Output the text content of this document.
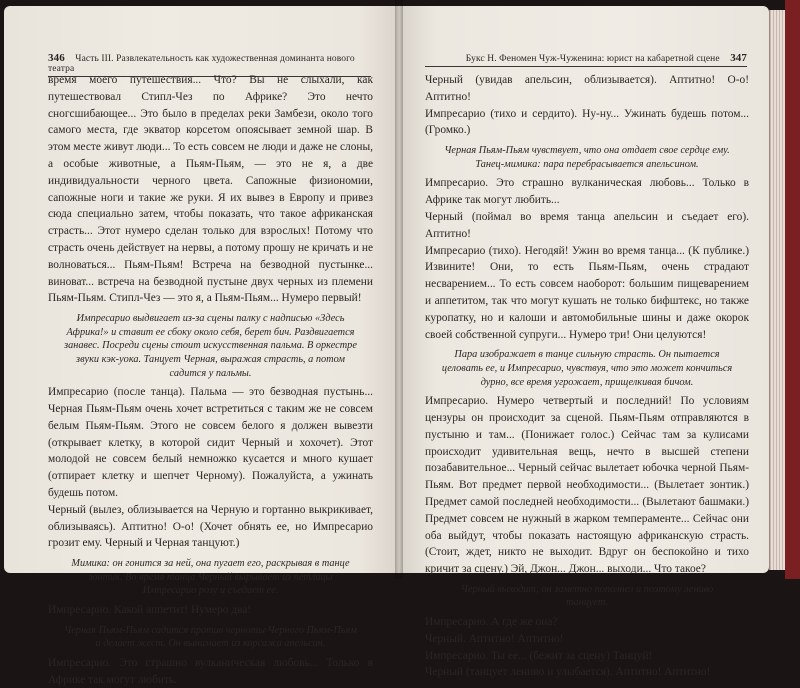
346 Часть III. Развлекательность как художественная доминанта нового театра

время моего путешествия... Что? Вы не слыхали, как путешествовал Стипл-Чез по Африке? Это нечто сногсшибающее... Это было в пределах реки Замбези, около того самого места, где экватор корсетом опоясывает земной шар. В этом месте живут люди... То есть совсем не люди и даже не слоны, а особые животные, а Пьям-Пьям, — это не я, а две индивидуальности черного цвета. Сапожные физиономии, сапожные ноги и такие же руки. Я их вывез в Европу и привез сюда специально затем, чтобы показать, что такое африканская страсть... Этот нумеро сделан только для взрослых! Потому что страсть очень действует на нервы, а потому прошу не кричать и не волноваться... Пьям-Пьям! Встреча на безводной пустынке... виноват... встреча на безводной пустыне двух черных из племени Пьям-Пьям. Стипл-Чез — это я, а Пьям-Пьям... Нумеро первый!

Импресарио выдвигает из-за сцены палку с надписью «Здесь Африка!» и ставит ее сбоку около себя, берет бич. Раздвигается занавес. Посреди сцены стоит искусственная пальма. В оркестре звуки кэк-уока. Танцует Черная, выражая страсть, а потом садится у пальмы.

Импресарио (после танца). Пальма — это безводная пустынь... Черная Пьям-Пьям очень хочет встретиться с таким же не совсем белым Пьям-Пьям. Этого не совсем белого я должен вывезти (открывает клетку, в которой сидит Черный и хохочет). Этот молодой не совсем белый немножко кусается и много кушает (отпирает клетку и шепчет Черному). Пожалуйста, а ужинать будешь потом.

Черный (вылез, облизывается на Черную и гортанно выкрикивает, облизываясь). Аптитно! О-о! (Хочет обнять ее, но Импресарио грозит ему. Черный и Черная танцуют.)

Мимика: он гонится за ней, она пугает его, раскрывая в танце зонтик. Во время танца Черный вырывает из петлицы Импресарио розу и съедает ее.

Импресарио. Какой аппетит! Нумеро два!

Черная Пьям-Пьям садится против черноты Черного Пьям-Пьям и делает жест. Он вынимает из корсажа апельсин.

Импресарио. Это страшно вулканическая любовь... Только в Африке так могут любить.

Букс Н. Феномен Чуж-Чуженина: юрист на кабаретной сцене 347

Черный (увидав апельсин, облизывается). Аптитно! О-о! Аптитно!

Импресарио (тихо и сердито). Ну-ну... Ужинать будешь потом... (Громко.)

Черная Пьям-Пьям чувствует, что она отдает свое сердце ему. Танец-мимика: пара перебрасывается апельсином.

Импресарио. Это страшно вулканическая любовь... Только в Африке так могут любить...

Черный (поймал во время танца апельсин и съедает его). Аптитно!

Импресарио (тихо). Негодяй! Ужин во время танца... (К публике.) Извините! Они, то есть Пьям-Пьям, очень страдают несварением... То есть совсем наоборот: большим пищеварением и аппетитом, так что могут кушать не только бифштекс, но также куропатку, но и калоши и автомобильные шины и даже окорок своей собственной супруги... Нумеро три! Они целуются!

Пара изображает в танце сильную страсть. Он пытается целовать ее, и Импресарио, чувствуя, что это может кончиться дурно, все время угрожает, прищелкивая бичом.

Импресарио. Нумеро четвертый и последний! По условиям цензуры он происходит за сценой. Пьям-Пьям отправляются в пустыню и там... (Понижает голос.) Сейчас там за кулисами происходит удивительная вещь, нечто в высшей степени позабавительное... Черный сейчас вылетает юбочка черной Пьям-Пьям. Вот предмет первой необходимости... (Вылетает зонтик.) Предмет самой последней необходимости... (Вылетают башмаки.) Предмет совсем не нужный в жарком темпераменте... Сейчас они оба выйдут, чтобы показать настоящую африканскую страсть. (Стоит, ждет, никто не выходит. Вдруг он беспокойно и тихо кричит за сцену.) Эй, Джон... Джон... выходи... Что такое?

Черный выходит, он заметно пополнел и поэтому лениво танцует.

Импресарио. А где же она?

Черный. Аптитно! Аптитно!

Импресарио. Ты ее... (бежит за сцену) Танцуй!

Черный (танцует лениво и улыбается). Аптитно! Аптитно!
